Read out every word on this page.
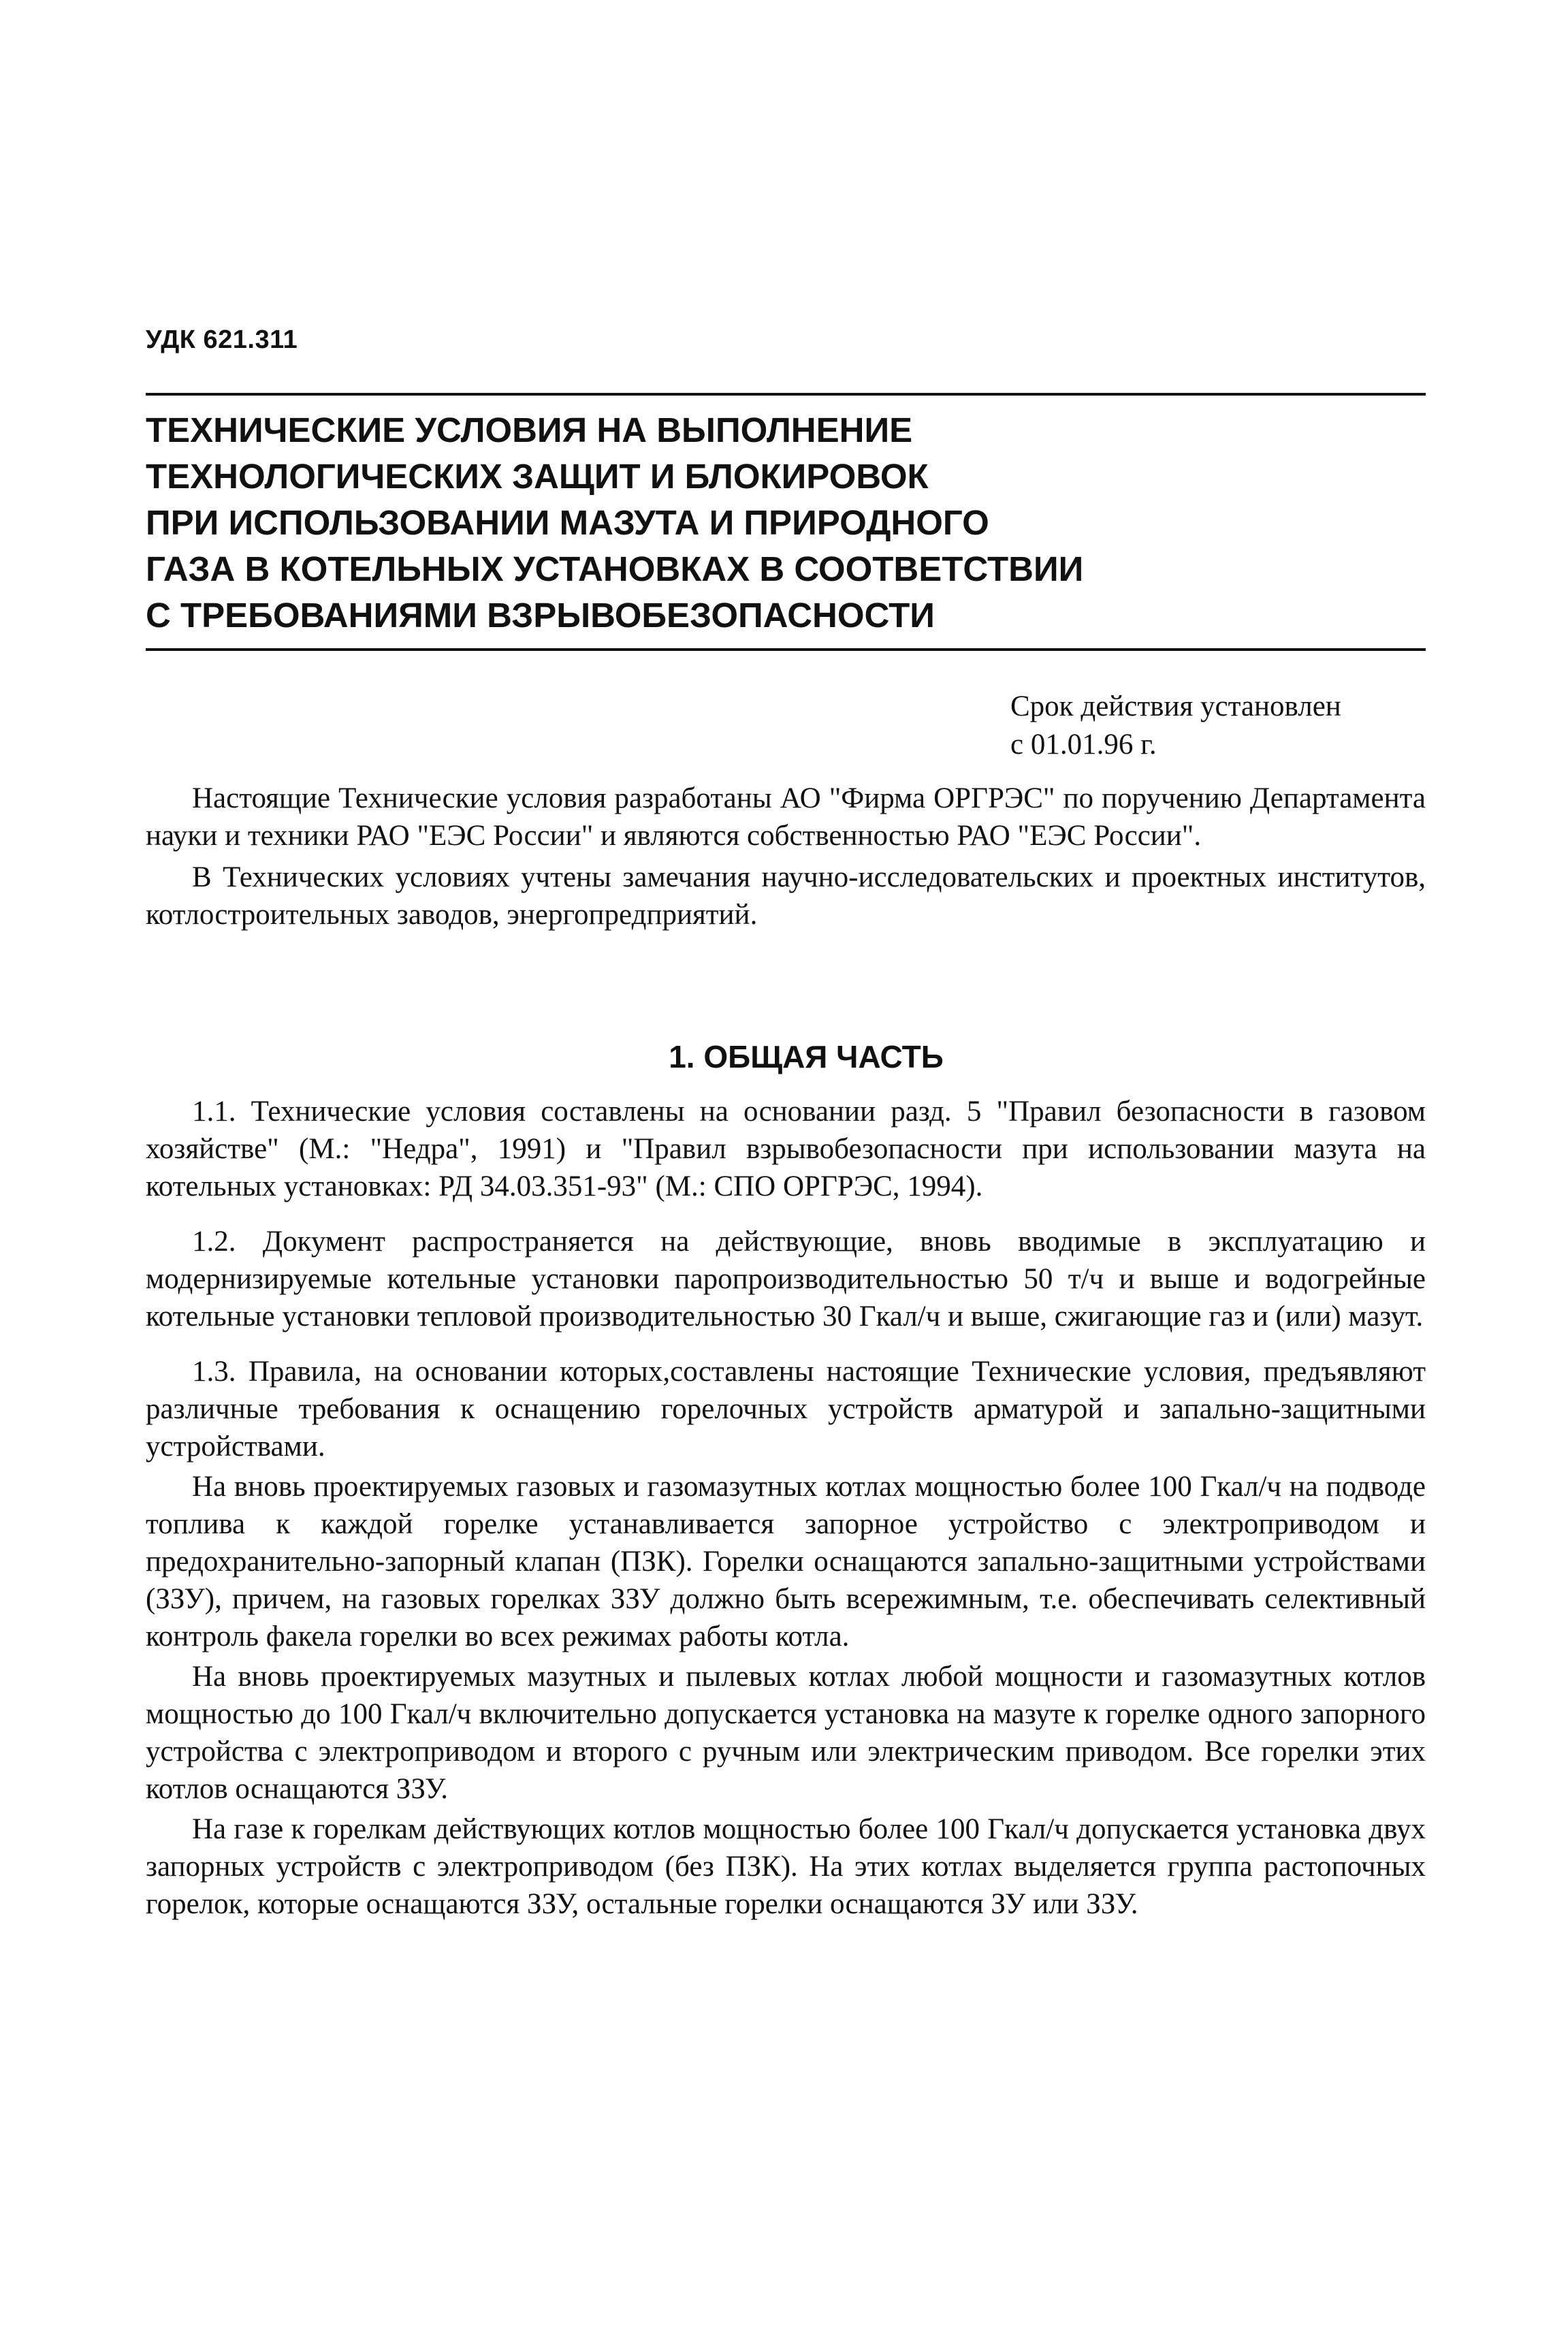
УДК 621.311
ТЕХНИЧЕСКИЕ УСЛОВИЯ НА ВЫПОЛНЕНИЕ
ТЕХНОЛОГИЧЕСКИХ ЗАЩИТ И БЛОКИРОВОК
ПРИ ИСПОЛЬЗОВАНИИ МАЗУТА И ПРИРОДНОГО
ГАЗА В КОТЕЛЬНЫХ УСТАНОВКАХ В СООТВЕТСТВИИ
С ТРЕБОВАНИЯМИ ВЗРЫВОБЕЗОПАСНОСТИ
Срок действия установлен
с 01.01.96 г.

Настоящие Технические условия разработаны АО "Фирма ОРГРЭС" по поручению Департамента науки и техники РАО "ЕЭС России" и являются собственностью РАО "ЕЭС России".

В Технических условиях учтены замечания научно-исследовательских и проектных институтов, котлостроительных заводов, энергопредприятий.

1. ОБЩАЯ ЧАСТЬ

1.1. Технические условия составлены на основании разд. 5 "Правил безопасности в газовом хозяйстве" (М.: "Недра", 1991) и "Правил взрывобезопасности при использовании мазута на котельных установках: РД 34.03.351-93" (М.: СПО ОРГРЭС, 1994).

1.2. Документ распространяется на действующие, вновь вводимые в эксплуатацию и модернизируемые котельные установки паропроизводительностью 50 т/ч и выше и водогрейные котельные установки тепловой производительностью 30 Гкал/ч и выше, сжигающие газ и (или) мазут.

1.3. Правила, на основании которых,составлены настоящие Технические условия, предъявляют различные требования к оснащению горелочных устройств арматурой и запально-защитными устройствами.

На вновь проектируемых газовых и газомазутных котлах мощностью более 100 Гкал/ч на подводе топлива к каждой горелке устанавливается запорное устройство с электроприводом и предохранительно-запорный клапан (ПЗК). Горелки оснащаются запально-защитными устройствами (ЗЗУ), причем, на газовых горелках ЗЗУ должно быть всережимным, т.е. обеспечивать селективный контроль факела горелки во всех режимах работы котла.

На вновь проектируемых мазутных и пылевых котлах любой мощности и газомазутных котлов мощностью до 100 Гкал/ч включительно допускается установка на мазуте к горелке одного запорного устройства с электроприводом и второго с ручным или электрическим приводом. Все горелки этих котлов оснащаются ЗЗУ.

На газе к горелкам действующих котлов мощностью более 100 Гкал/ч допускается установка двух запорных устройств с электроприводом (без ПЗК). На этих котлах выделяется группа растопочных горелок, которые оснащаются ЗЗУ, остальные горелки оснащаются ЗУ или ЗЗУ.
